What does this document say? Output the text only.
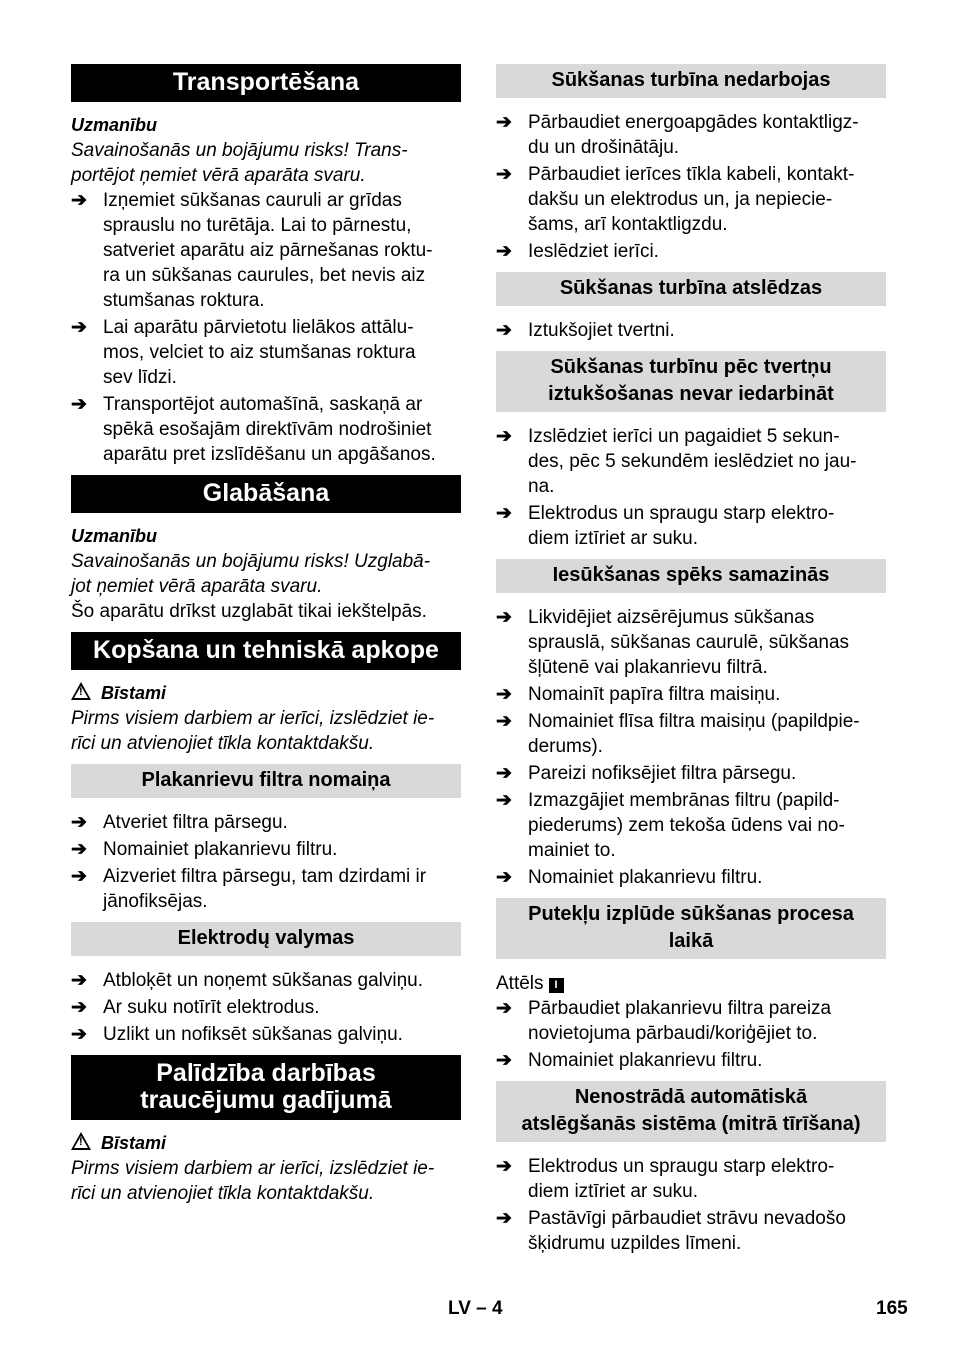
Transportēšana
Uzmanību
Savainošanās un bojājumu risks! Trans-
portējot ņemiet vērā aparāta svaru.
➔ Izņemiet sūkšanas cauruli ar grīdas
sprauslu no turētāja. Lai to pārnestu,
satveriet aparātu aiz pārnešanas roktu-
ra un sūkšanas caurules, bet nevis aiz
stumšanas roktura.
➔ Lai aparātu pārvietotu lielākos attālu-
mos, velciet to aiz stumšanas roktura
sev līdzi.
➔ Transportējot automašīnā, saskaņā ar
spēkā esošajām direktīvām nodrošiniet
aparātu pret izslīdēšanu un apgāšanos.
Glabāšana
Uzmanību
Savainošanās un bojājumu risks! Uzglabā-
jot ņemiet vērā aparāta svaru.
Šo aparātu drīkst uzglabāt tikai iekštelpās.
Kopšana un tehniskā apkope
!Bīstami
Pirms visiem darbiem ar ierīci, izslēdziet ie-
rīci un atvienojiet tīkla kontaktdakšu.
Plakanrievu filtra nomaiņa
➔ Atveriet filtra pārsegu.
➔ Nomainiet plakanrievu filtru.
➔ Aizveriet filtra pārsegu, tam dzirdami ir
jānofiksējas.
Elektrodų valymas
➔ Atbloķēt un noņemt sūkšanas galviņu.
➔ Ar suku notīrīt elektrodus.
➔ Uzlikt un nofiksēt sūkšanas galviņu.
Palīdzība darbības
traucējumu gadījumā
!Bīstami
Pirms visiem darbiem ar ierīci, izslēdziet ie-
rīci un atvienojiet tīkla kontaktdakšu.
Sūkšanas turbīna nedarbojas
➔ Pārbaudiet energoapgādes kontaktligz-
du un drošinātāju.
➔ Pārbaudiet ierīces tīkla kabeli, kontakt-
dakšu un elektrodus un, ja nepiecie-
šams, arī kontaktligzdu.
➔ Ieslēdziet ierīci.
Sūkšanas turbīna atslēdzas
➔ Iztukšojiet tvertni.
Sūkšanas turbīnu pēc tvertņu
iztukšošanas nevar iedarbināt
➔ Izslēdziet ierīci un pagaidiet 5 sekun-
des, pēc 5 sekundēm ieslēdziet no jau-
na.
➔ Elektrodus un spraugu starp elektro-
diem iztīriet ar suku.
Iesūkšanas spēks samazinās
➔ Likvidējiet aizsērējumus sūkšanas
sprauslā, sūkšanas caurulē, sūkšanas
šļūtenē vai plakanrievu filtrā.
➔ Nomainīt papīra filtra maisiņu.
➔ Nomainiet flīsa filtra maisiņu (papildpie-
derums).
➔ Pareizi nofiksējiet filtra pārsegu.
➔ Izmazgājiet membrānas filtru (papild-
piederums) zem tekoša ūdens vai no-
mainiet to.
➔ Nomainiet plakanrievu filtru.
Putekļu izplūde sūkšanas procesa
laikā
Attēls I
➔ Pārbaudiet plakanrievu filtra pareiza
novietojuma pārbaudi/koriģējiet to.
➔ Nomainiet plakanrievu filtru.
Nenostrādā automātiskā
atslēgšanās sistēma (mitrā tīrīšana)
➔ Elektrodus un spraugu starp elektro-
diem iztīriet ar suku.
➔ Pastāvīgi pārbaudiet strāvu nevadošo
šķidrumu uzpildes līmeni.
LV – 4	165
